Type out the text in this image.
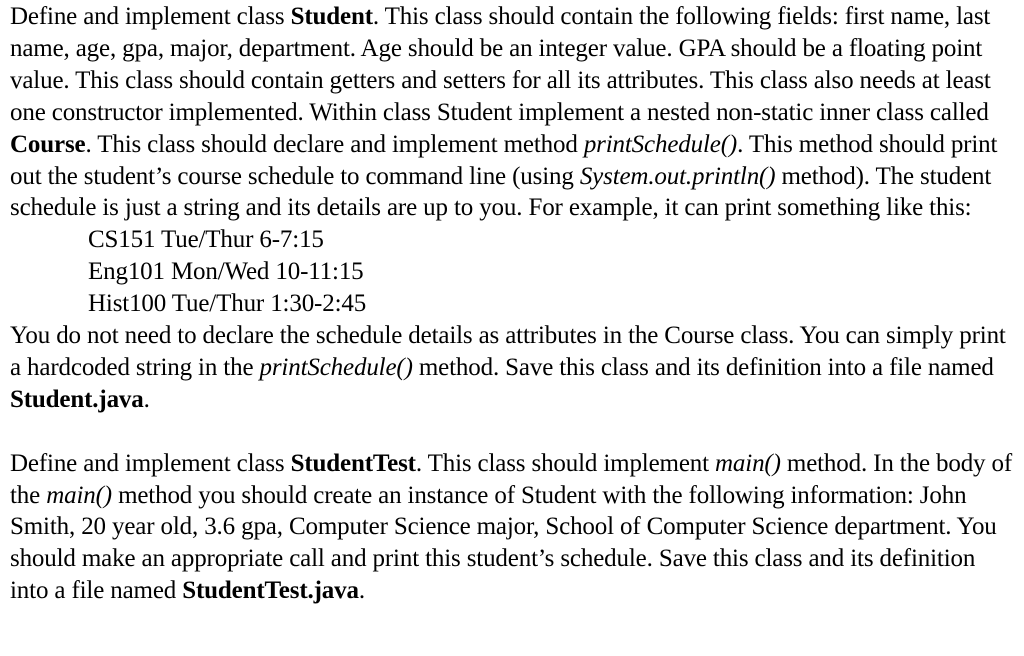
Define and implement class Student. This class should contain the following fields: first name, last name, age, gpa, major, department. Age should be an integer value. GPA should be a floating point value. This class should contain getters and setters for all its attributes. This class also needs at least one constructor implemented. Within class Student implement a nested non-static inner class called Course. This class should declare and implement method printSchedule(). This method should print out the student’s course schedule to command line (using System.out.println() method). The student schedule is just a string and its details are up to you. For example, it can print something like this:

CS151 Tue/Thur 6-7:15

Eng101 Mon/Wed 10-11:15

Hist100 Tue/Thur 1:30-2:45

You do not need to declare the schedule details as attributes in the Course class. You can simply print a hardcoded string in the printSchedule() method. Save this class and its definition into a file named Student.java.

Define and implement class StudentTest. This class should implement main() method. In the body of the main() method you should create an instance of Student with the following information: John Smith, 20 year old, 3.6 gpa, Computer Science major, School of Computer Science department. You should make an appropriate call and print this student’s schedule. Save this class and its definition into a file named StudentTest.java.
